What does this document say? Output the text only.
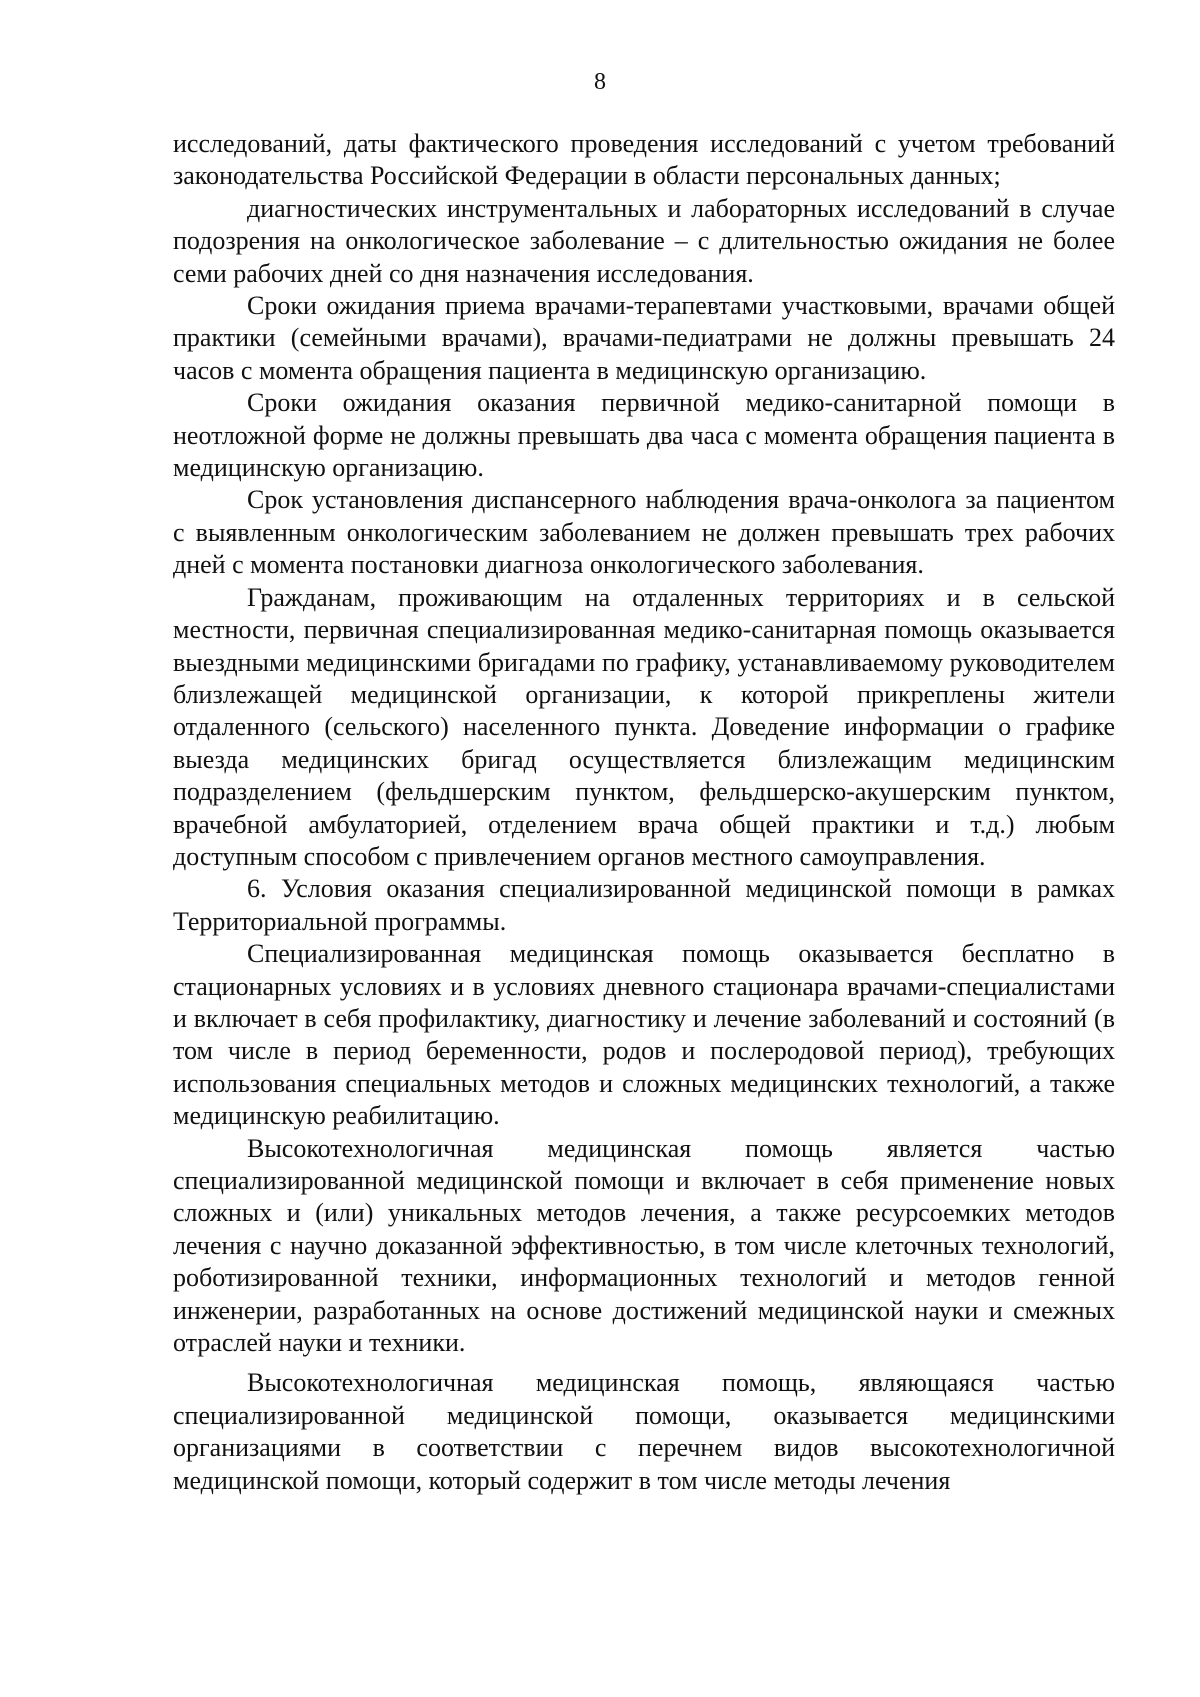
8

исследований, даты фактического проведения исследований с учетом требований законодательства Российской Федерации в области персональных данных;

диагностических инструментальных и лабораторных исследований в случае подозрения на онкологическое заболевание – с длительностью ожидания не более семи рабочих дней со дня назначения исследования.

Сроки ожидания приема врачами-терапевтами участковыми, врачами общей практики (семейными врачами), врачами-педиатрами не должны превышать 24 часов с момента обращения пациента в медицинскую организацию.

Сроки ожидания оказания первичной медико-санитарной помощи в неотложной форме не должны превышать два часа с момента обращения пациента в медицинскую организацию.

Срок установления диспансерного наблюдения врача-онколога за пациентом с выявленным онкологическим заболеванием не должен превышать трех рабочих дней с момента постановки диагноза онкологического заболевания.

Гражданам, проживающим на отдаленных территориях и в сельской местности, первичная специализированная медико-санитарная помощь оказывается выездными медицинскими бригадами по графику, устанавливаемому руководителем близлежащей медицинской организации, к которой прикреплены жители отдаленного (сельского) населенного пункта. Доведение информации о графике выезда медицинских бригад осуществляется близлежащим медицинским подразделением (фельдшерским пунктом, фельдшерско-акушерским пунктом, врачебной амбулаторией, отделением врача общей практики и т.д.) любым доступным способом с привлечением органов местного самоуправления.

6. Условия оказания специализированной медицинской помощи в рамках Территориальной программы.

Специализированная медицинская помощь оказывается бесплатно в стационарных условиях и в условиях дневного стационара врачами-специалистами и включает в себя профилактику, диагностику и лечение заболеваний и состояний (в том числе в период беременности, родов и послеродовой период), требующих использования специальных методов и сложных медицинских технологий, а также медицинскую реабилитацию.

Высокотехнологичная медицинская помощь является частью специализированной медицинской помощи и включает в себя применение новых сложных и (или) уникальных методов лечения, а также ресурсоемких методов лечения с научно доказанной эффективностью, в том числе клеточных технологий, роботизированной техники, информационных технологий и методов генной инженерии, разработанных на основе достижений медицинской науки и смежных отраслей науки и техники.

Высокотехнологичная медицинская помощь, являющаяся частью специализированной медицинской помощи, оказывается медицинскими организациями в соответствии с перечнем видов высокотехнологичной медицинской помощи, который содержит в том числе методы лечения
